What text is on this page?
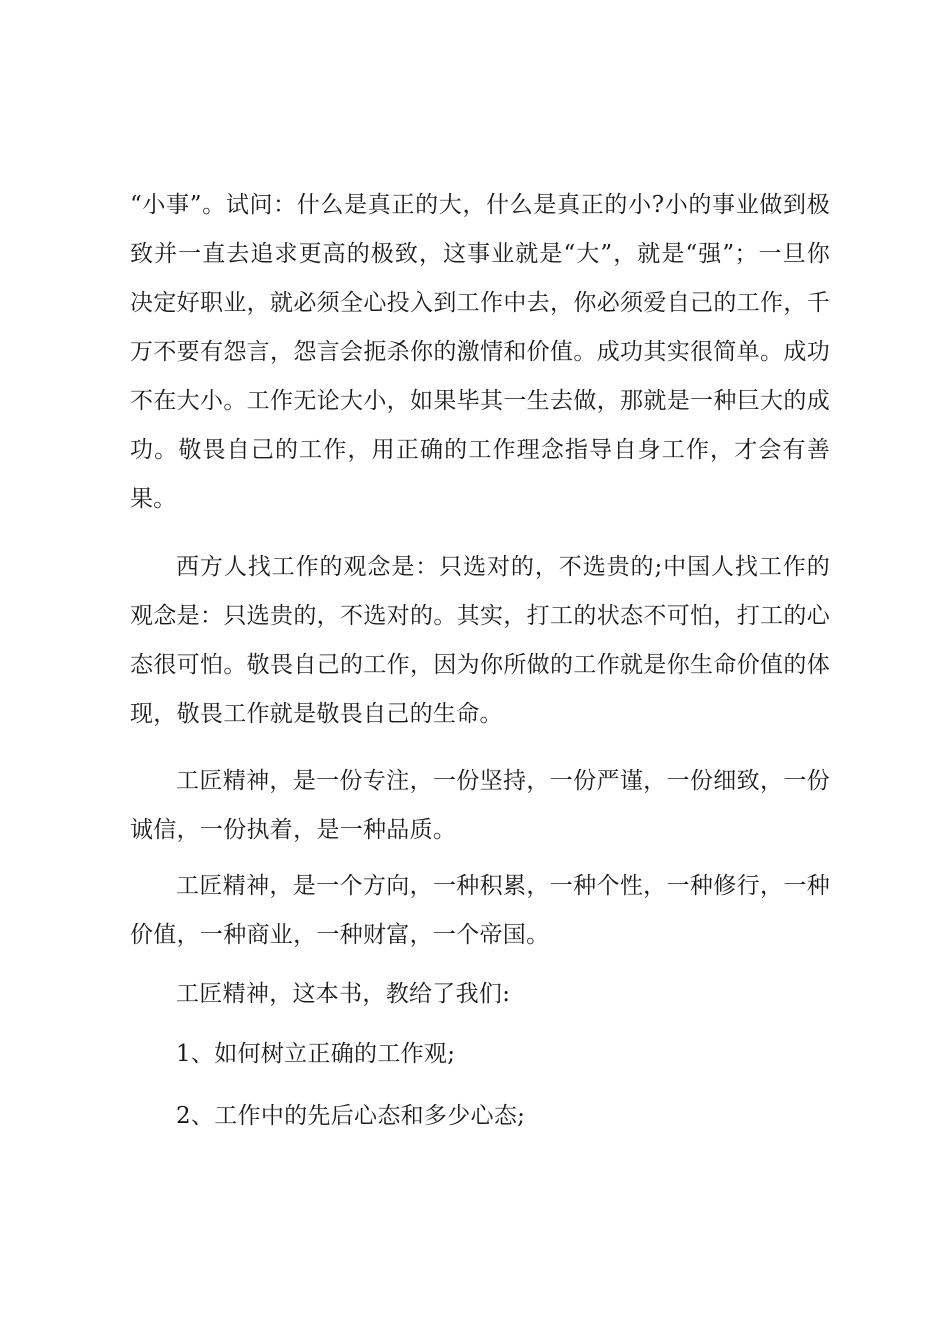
“小事”。试问：什么是真正的大，什么是真正的小?小的事业做到极致并一直去追求更高的极致，这事业就是“大”，就是“强”；一旦你决定好职业，就必须全心投入到工作中去，你必须爱自己的工作，千万不要有怨言，怨言会扼杀你的激情和价值。成功其实很简单。成功不在大小。工作无论大小，如果毕其一生去做，那就是一种巨大的成功。敬畏自己的工作，用正确的工作理念指导自身工作，才会有善果。

西方人找工作的观念是：只选对的，不选贵的;中国人找工作的观念是：只选贵的，不选对的。其实，打工的状态不可怕，打工的心态很可怕。敬畏自己的工作，因为你所做的工作就是你生命价值的体现，敬畏工作就是敬畏自己的生命。

工匠精神，是一份专注，一份坚持，一份严谨，一份细致，一份诚信，一份执着，是一种品质。

工匠精神，是一个方向，一种积累，一种个性，一种修行，一种价值，一种商业，一种财富，一个帝国。

工匠精神，这本书，教给了我们:

1、如何树立正确的工作观;

2、工作中的先后心态和多少心态;
